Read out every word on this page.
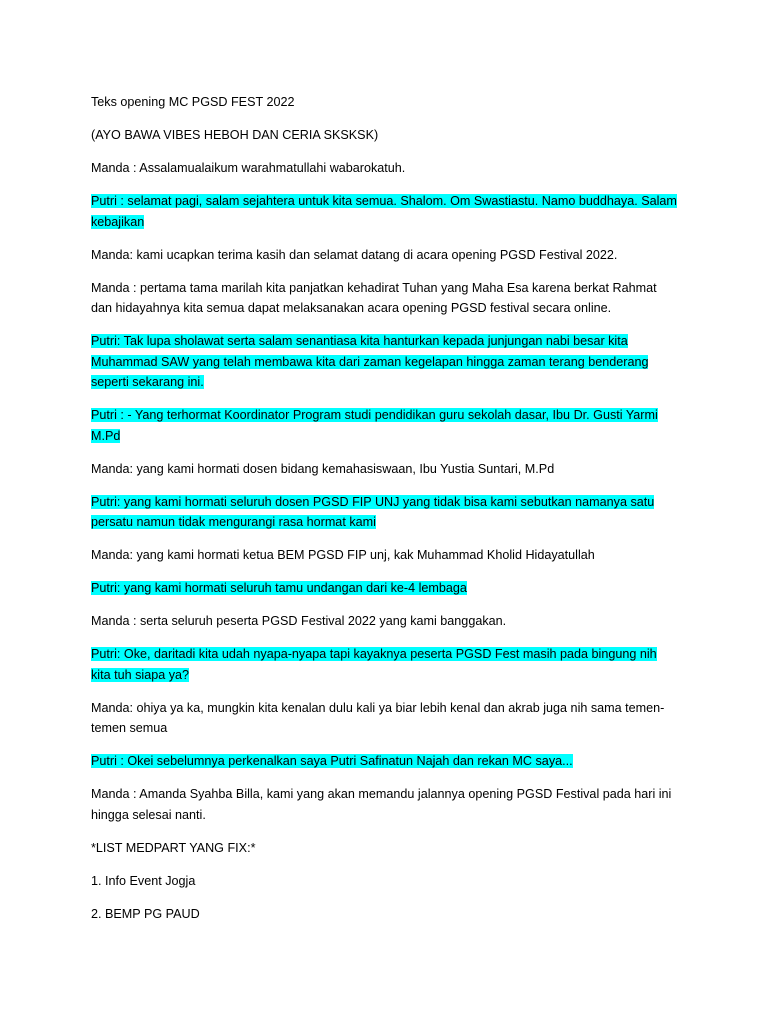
Teks opening MC PGSD FEST 2022
(AYO BAWA VIBES HEBOH DAN CERIA SKSKSK)
Manda : Assalamualaikum warahmatullahi wabarokatuh.
Putri : selamat pagi, salam sejahtera untuk kita semua. Shalom. Om Swastiastu. Namo buddhaya. Salam kebajikan
Manda: kami ucapkan terima kasih dan selamat datang di acara opening PGSD Festival 2022.
Manda : pertama tama marilah kita panjatkan kehadirat Tuhan yang Maha Esa karena berkat Rahmat dan hidayahnya kita semua dapat melaksanakan acara opening PGSD festival secara online.
Putri: Tak lupa sholawat serta salam senantiasa kita hanturkan kepada junjungan nabi besar kita Muhammad SAW yang telah membawa kita dari zaman kegelapan hingga zaman terang benderang seperti sekarang ini.
Putri : - Yang terhormat Koordinator Program studi pendidikan guru sekolah dasar, Ibu Dr. Gusti Yarmi M.Pd
Manda: yang kami hormati dosen bidang kemahasiswaan, Ibu Yustia Suntari, M.Pd
Putri: yang kami hormati seluruh dosen PGSD FIP UNJ yang tidak bisa kami sebutkan namanya satu persatu namun tidak mengurangi rasa hormat kami
Manda: yang kami hormati ketua BEM PGSD FIP unj, kak Muhammad Kholid Hidayatullah
Putri: yang kami hormati seluruh tamu undangan dari ke-4 lembaga
Manda : serta seluruh peserta PGSD Festival 2022 yang kami banggakan.
Putri: Oke, daritadi kita udah nyapa-nyapa tapi kayaknya peserta PGSD Fest masih pada bingung nih kita tuh siapa ya?
Manda: ohiya ya ka, mungkin kita kenalan dulu kali ya biar lebih kenal dan akrab juga nih sama temen-temen semua
Putri : Okei sebelumnya perkenalkan saya Putri Safinatun Najah dan rekan MC saya...
Manda : Amanda Syahba Billa, kami yang akan memandu jalannya opening PGSD Festival pada hari ini hingga selesai nanti.
*LIST MEDPART YANG FIX:*
1. Info Event Jogja
2. BEMP PG PAUD
